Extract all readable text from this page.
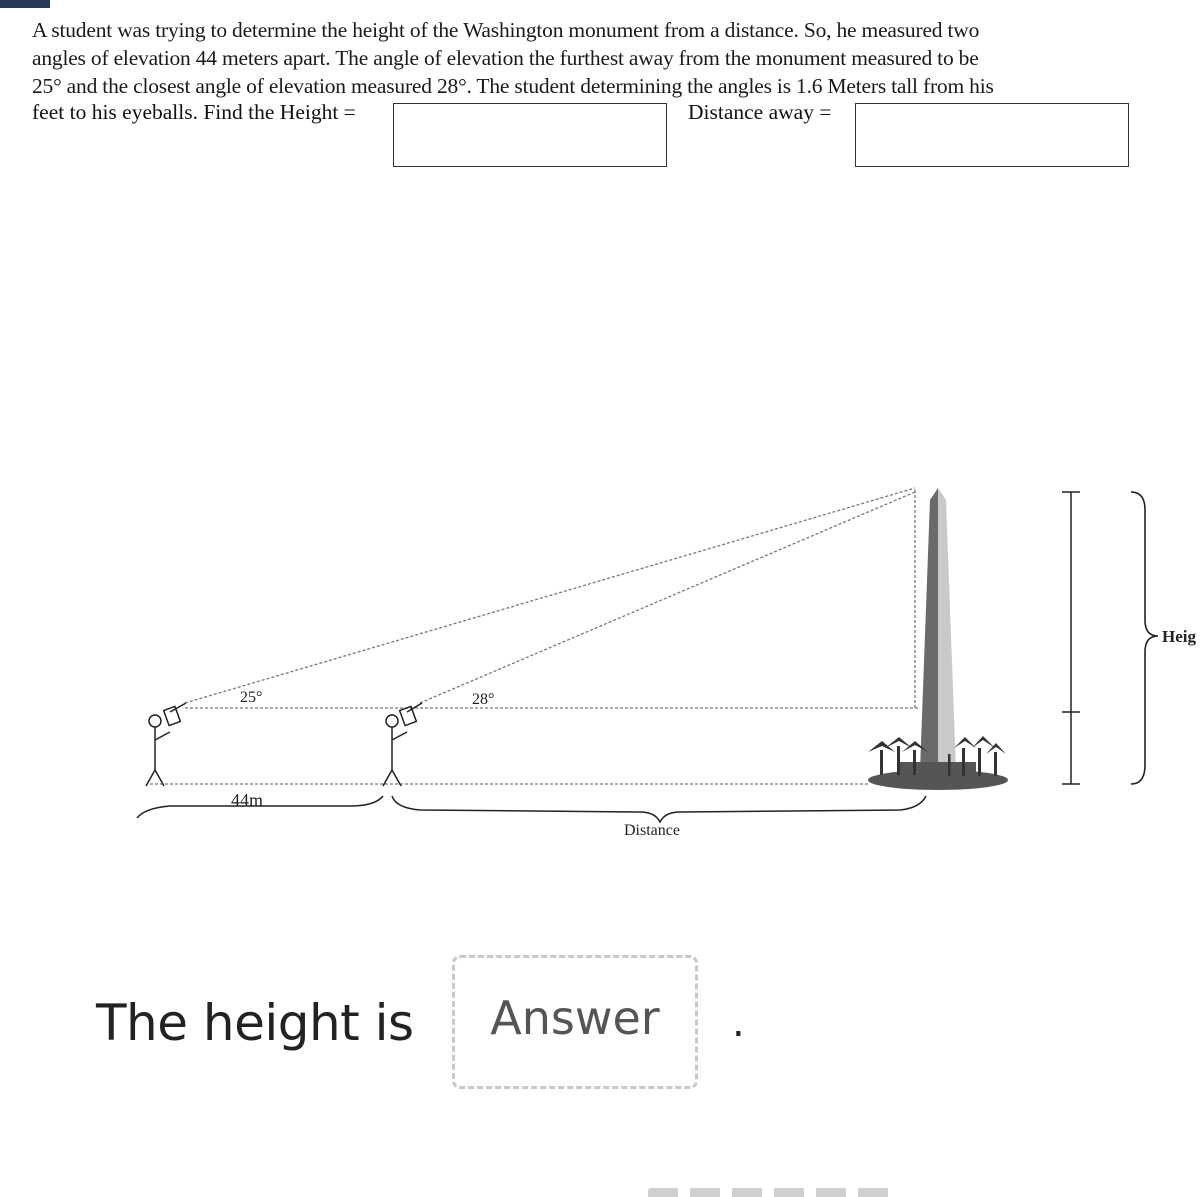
A student was trying to determine the height of the Washington monument from a distance. So, he measured two
angles of elevation 44 meters apart. The angle of elevation the furthest away from the monument measured to be
25° and the closest angle of elevation measured 28°. The student determining the angles is 1.6 Meters tall from his
feet to his eyeballs. Find the Height =	Distance away =
25°	28°
44m
Distance
Heig
The height is	Answer	.
